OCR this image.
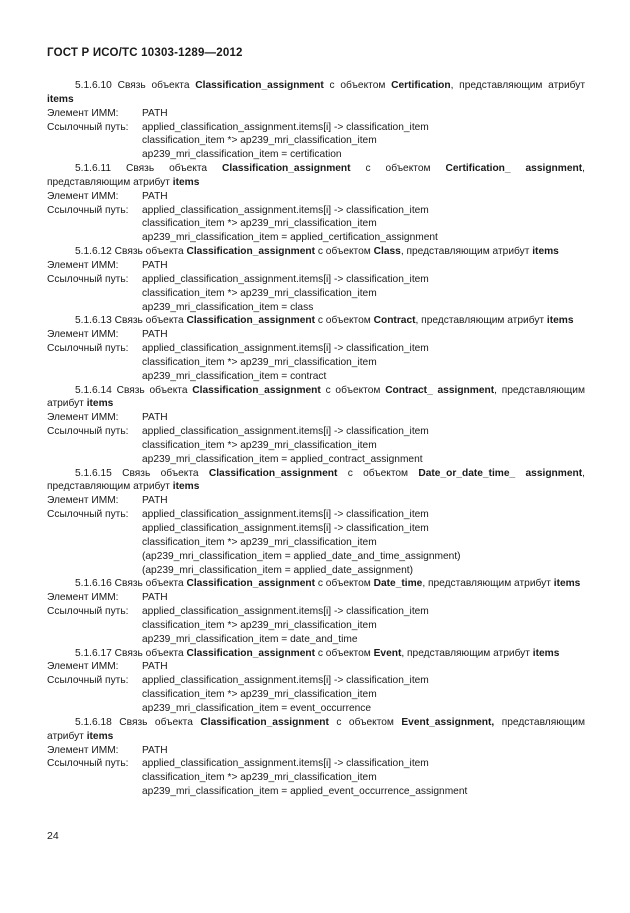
ГОСТ Р ИСО/ТС 10303-1289—2012
5.1.6.10 Связь объекта Classification_assignment с объектом Certification, представляющим атрибут items
Элемент ИММ:	PATH
Ссылочный путь:	applied_classification_assignment.items[i] -> classification_item
classification_item *> ap239_mri_classification_item
ap239_mri_classification_item = certification
5.1.6.11 Связь объекта Classification_assignment с объектом Certification_ assignment, представляющим атрибут items
Элемент ИММ:	PATH
Ссылочный путь:	applied_classification_assignment.items[i] -> classification_item
classification_item *> ap239_mri_classification_item
ap239_mri_classification_item = applied_certification_assignment
5.1.6.12 Связь объекта Classification_assignment с объектом Class, представляющим атрибут items
Элемент ИММ:	PATH
Ссылочный путь:	applied_classification_assignment.items[i] -> classification_item
classification_item *> ap239_mri_classification_item
ap239_mri_classification_item = class
5.1.6.13 Связь объекта Classification_assignment с объектом Contract, представляющим атрибут items
Элемент ИММ:	PATH
Ссылочный путь:	applied_classification_assignment.items[i] -> classification_item
classification_item *> ap239_mri_classification_item
ap239_mri_classification_item = contract
5.1.6.14 Связь объекта Classification_assignment с объектом Contract_ assignment, представляющим атрибут items
Элемент ИММ:	PATH
Ссылочный путь:	applied_classification_assignment.items[i] -> classification_item
classification_item *> ap239_mri_classification_item
ap239_mri_classification_item = applied_contract_assignment
5.1.6.15 Связь объекта Classification_assignment с объектом Date_or_date_time_ assignment, представляющим атрибут items
Элемент ИММ:	PATH
Ссылочный путь:	applied_classification_assignment.items[i] -> classification_item
applied_classification_assignment.items[i] -> classification_item
classification_item *> ap239_mri_classification_item
(ap239_mri_classification_item = applied_date_and_time_assignment)
(ap239_mri_classification_item = applied_date_assignment)
5.1.6.16 Связь объекта Classification_assignment с объектом Date_time, представляющим атрибут items
Элемент ИММ:	PATH
Ссылочный путь:	applied_classification_assignment.items[i] -> classification_item
classification_item *> ap239_mri_classification_item
ap239_mri_classification_item = date_and_time
5.1.6.17 Связь объекта Classification_assignment с объектом Event, представляющим атрибут items
Элемент ИММ:	PATH
Ссылочный путь:	applied_classification_assignment.items[i] -> classification_item
classification_item *> ap239_mri_classification_item
ap239_mri_classification_item = event_occurrence
5.1.6.18 Связь объекта Classification_assignment с объектом Event_assignment, представляющим атрибут items
Элемент ИММ:	PATH
Ссылочный путь:	applied_classification_assignment.items[i] -> classification_item
classification_item *> ap239_mri_classification_item
ap239_mri_classification_item = applied_event_occurrence_assignment
24
